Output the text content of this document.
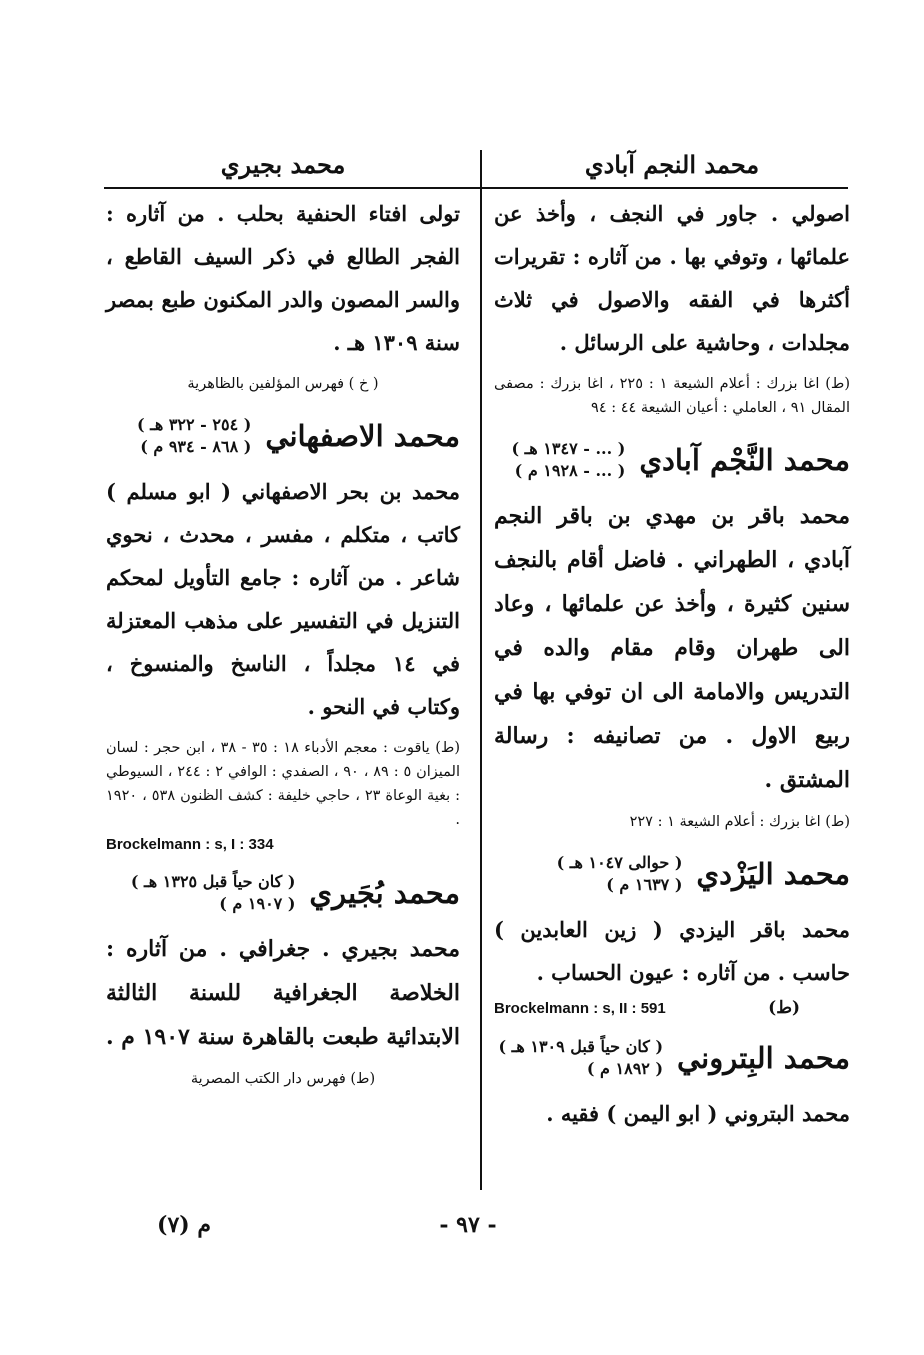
محمد النجم آبادي
محمد بجيري

اصولي . جاور في النجف ، وأخذ عن علمائها ، وتوفي بها . من آثاره : تقريرات أكثرها في الفقه والاصول في ثلاث مجلدات ، وحاشية على الرسائل .

(ط) اغا بزرك : أعلام الشيعة ١ : ٢٢٥ ، اغا بزرك : مصفى المقال ٩١ ، العاملي : أعيان الشيعة ٤٤ : ٩٤

محمد النَّجْم آبادي
( ... - ١٣٤٧ هـ )
( ... - ١٩٢٨ م )

محمد باقر بن مهدي بن باقر النجم آبادي ، الطهراني . فاضل أقام بالنجف سنين كثيرة ، وأخذ عن علمائها ، وعاد الى طهران وقام مقام والده في التدريس والامامة الى ان توفي بها في ربيع الاول . من تصانيفه : رسالة المشتق .

(ط) اغا بزرك : أعلام الشيعة ١ : ٢٢٧

محمد اليَزْدي
( حوالى ١٠٤٧ هـ )
( ١٦٣٧ م )

محمد باقر اليزدي ( زين العابدين ) حاسب . من آثاره : عيون الحساب .

Brockelmann : s, II : 591	(ط)
محمد البِتروني
( كان حياً قبل ١٣٠٩ هـ )
( ١٨٩٢ م )

محمد البتروني ( ابو اليمن ) فقيه .

تولى افتاء الحنفية بحلب . من آثاره : الفجر الطالع في ذكر السيف القاطع ، والسر المصون والدر المكنون طبع بمصر سنة ١٣٠٩ هـ .

( خ ) فهرس المؤلفين بالظاهرية

محمد الاصفهاني
( ٢٥٤ - ٣٢٢ هـ )
( ٨٦٨ - ٩٣٤ م )

محمد بن بحر الاصفهاني ( ابو مسلم ) كاتب ، متكلم ، مفسر ، محدث ، نحوي شاعر . من آثاره : جامع التأويل لمحكم التنزيل في التفسير على مذهب المعتزلة في ١٤ مجلداً ، الناسخ والمنسوخ ، وكتاب في النحو .

(ط) ياقوت : معجم الأدباء ١٨ : ٣٥ - ٣٨ ، ابن حجر : لسان الميزان ٥ : ٨٩ ، ٩٠ ، الصفدي : الوافي ٢ : ٢٤٤ ، السيوطي : بغية الوعاة ٢٣ ، حاجي خليفة : كشف الظنون ٥٣٨ ، ١٩٢٠ .

Brockelmann : s, I : 334

محمد بُجَيري
( كان حياً قبل ١٣٢٥ هـ )
( ١٩٠٧ م )

محمد بجيري . جغرافي . من آثاره : الخلاصة الجغرافية للسنة الثالثة الابتدائية طبعت بالقاهرة سنة ١٩٠٧ م .

(ط) فهرس دار الكتب المصرية

- ٩٧ -
م (٧)
